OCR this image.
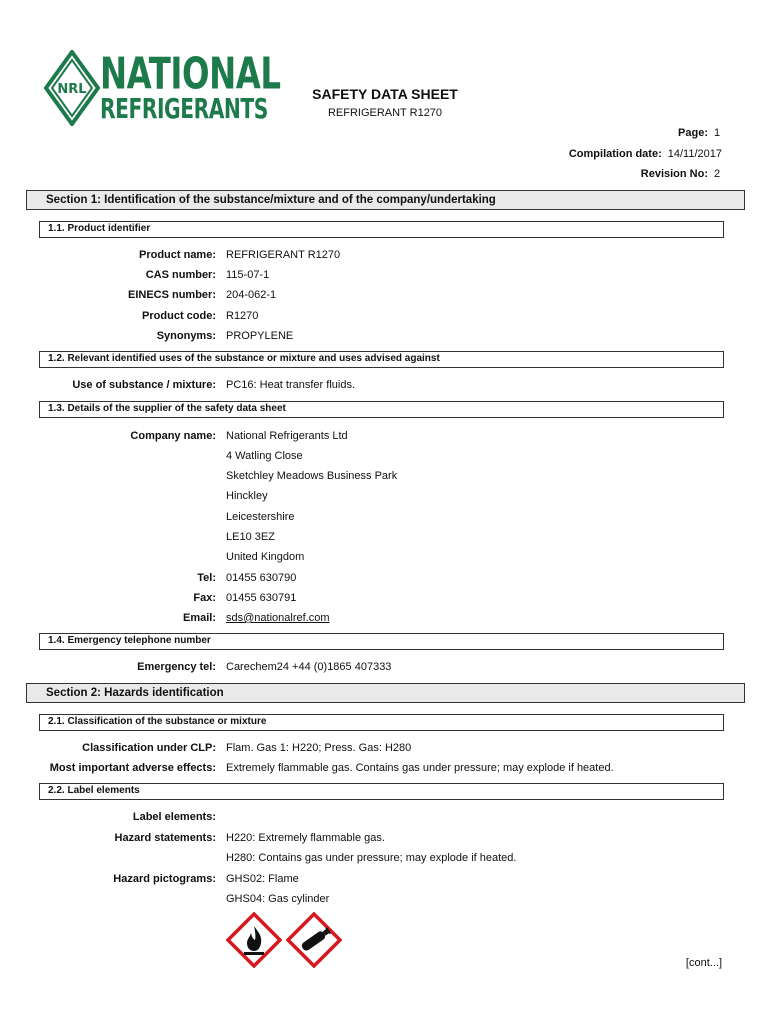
NRL NATIONAL
REFRIGERANTS	SAFETY DATA SHEET
REFRIGERANT R1270
Page: 1
Compilation date: 14/11/2017
Revision No: 2
Section 1: Identification of the substance/mixture and of the company/undertaking
1.1. Product identifier
Product name: REFRIGERANT R1270
CAS number: 115-07-1
EINECS number: 204-062-1
Product code: R1270
Synonyms: PROPYLENE
1.2. Relevant identified uses of the substance or mixture and uses advised against
Use of substance / mixture: PC16: Heat transfer fluids.
1.3. Details of the supplier of the safety data sheet
Company name: National Refrigerants Ltd
4 Watling Close
Sketchley Meadows Business Park
Hinckley
Leicestershire
LE10 3EZ
United Kingdom
Tel: 01455 630790
Fax: 01455 630791
Email: sds@nationalref.com
1.4. Emergency telephone number
Emergency tel: Carechem24 +44 (0)1865 407333
Section 2: Hazards identification
2.1. Classification of the substance or mixture
Classification under CLP: Flam. Gas 1: H220; Press. Gas: H280
Most important adverse effects: Extremely flammable gas. Contains gas under pressure; may explode if heated.
2.2. Label elements
Label elements:
Hazard statements: H220: Extremely flammable gas.
H280: Contains gas under pressure; may explode if heated.
Hazard pictograms: GHS02: Flame
GHS04: Gas cylinder
[cont...]
